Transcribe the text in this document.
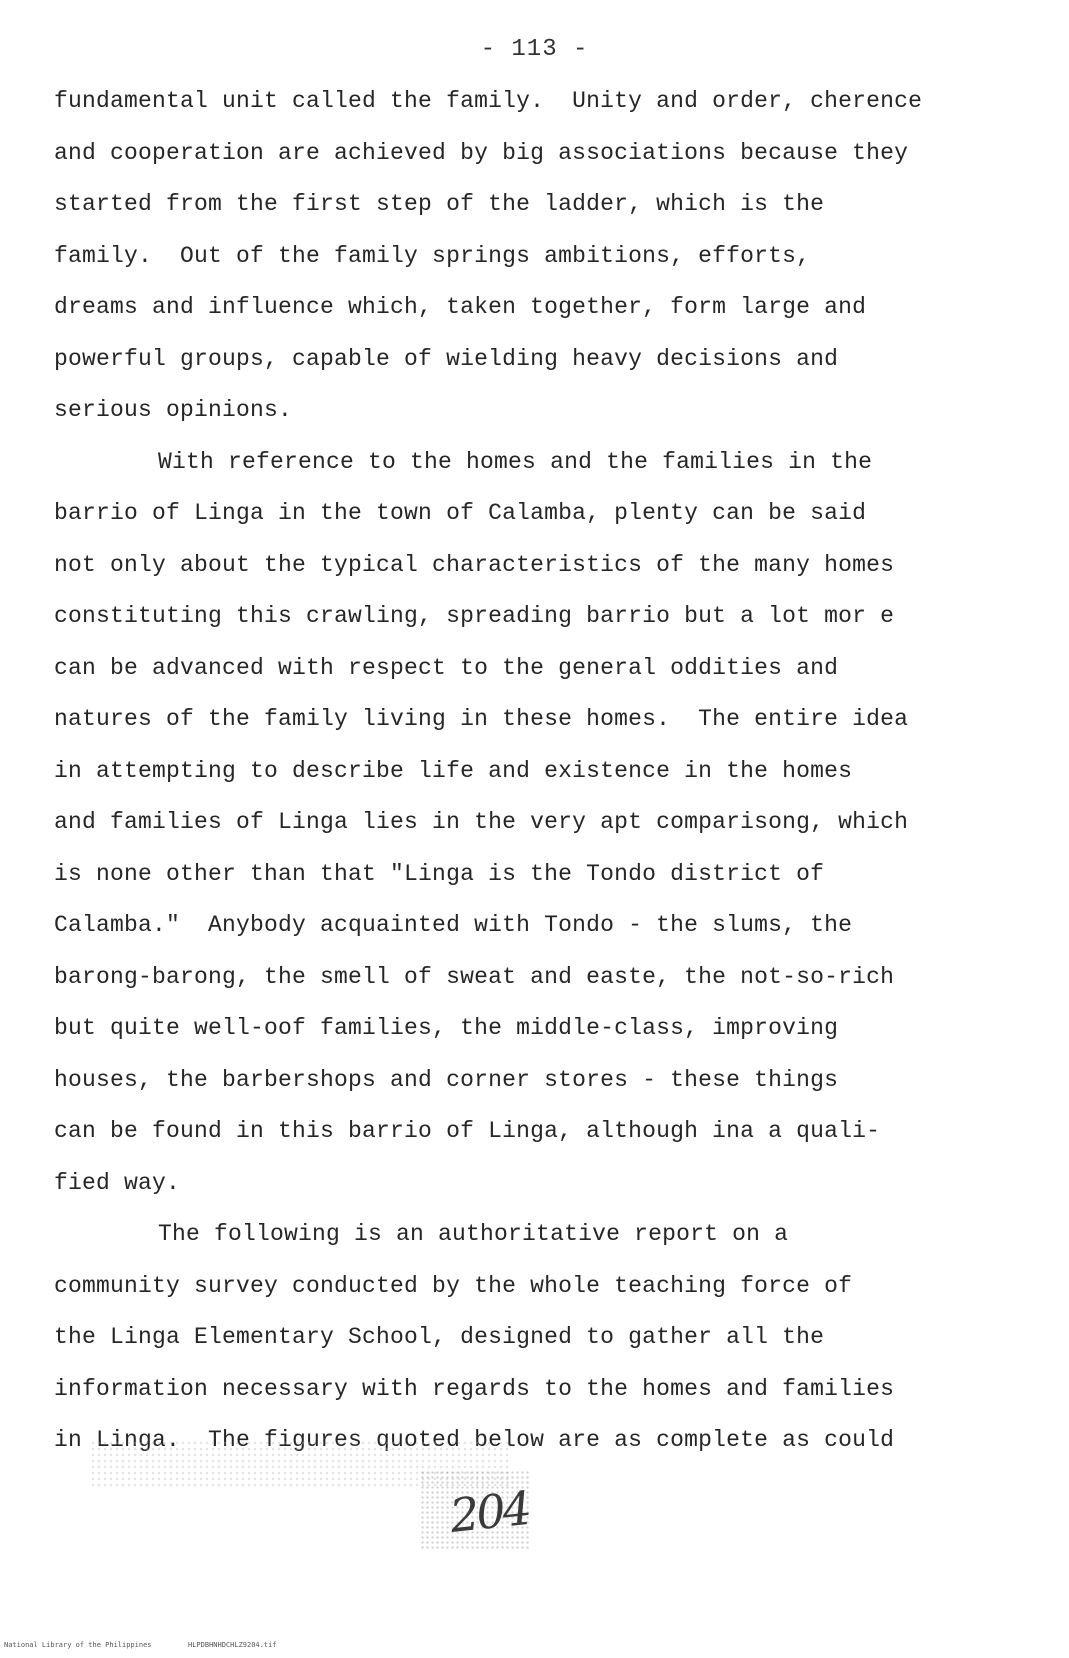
- 113 -
fundamental unit called the family.  Unity and order, cherence
and cooperation are achieved by big associations because they
started from the first step of the ladder, which is the
family.  Out of the family springs ambitions, efforts,
dreams and influence which, taken together, form large and
powerful groups, capable of wielding heavy decisions and
serious opinions.
With reference to the homes and the families in the
barrio of Linga in the town of Calamba, plenty can be said
not only about the typical characteristics of the many homes
constituting this crawling, spreading barrio but a lot mor e
can be advanced with respect to the general oddities and
natures of the family living in these homes.  The entire idea
in attempting to describe life and existence in the homes
and families of Linga lies in the very apt comparisong, which
is none other than that "Linga is the Tondo district of
Calamba."  Anybody acquainted with Tondo - the slums, the
barong-barong, the smell of sweat and easte, the not-so-rich
but quite well-oof families, the middle-class, improving
houses, the barbershops and corner stores - these things
can be found in this barrio of Linga, although ina a quali-
fied way.
The following is an authoritative report on a
community survey conducted by the whole teaching force of
the Linga Elementary School, designed to gather all the
information necessary with regards to the homes and families
in Linga.  The figures quoted below are as complete as could
204
National Library of the Philippines	HLPDBHNHDCHLZ9204.tif
